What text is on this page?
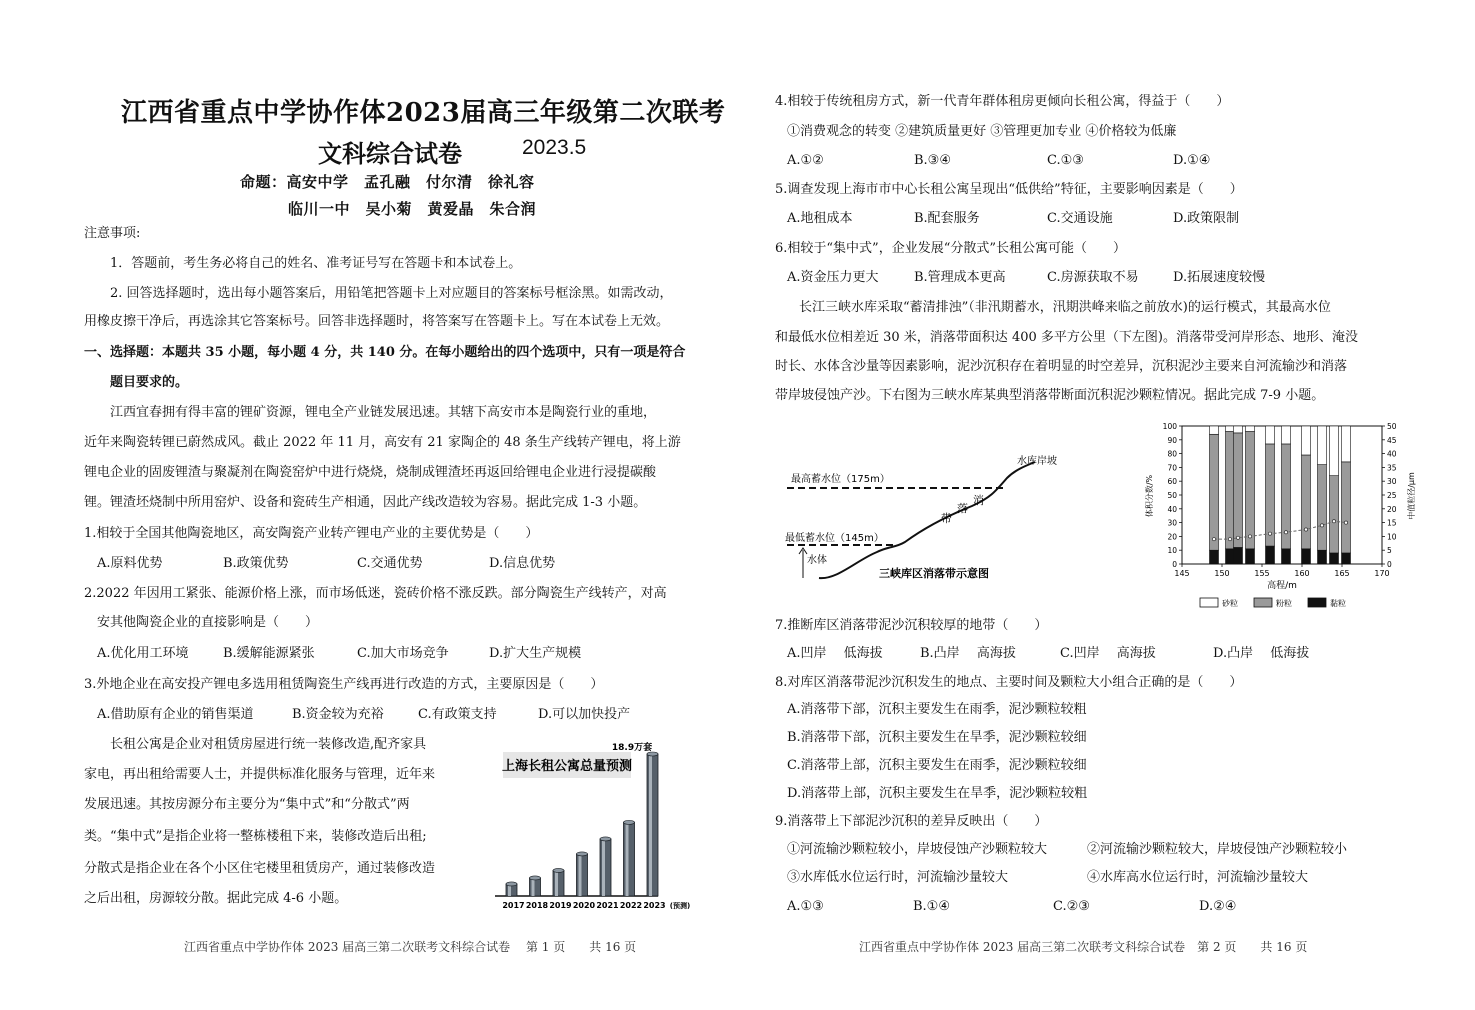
江西省重点中学协作体2023届高三年级第二次联考
文科综合试卷	2023.5
命题：高安中学　孟孔融　付尔清　徐礼容
临川一中　吴小菊　黄爱晶　朱合润
注意事项:
1．答题前，考生务必将自己的姓名、准考证号写在答题卡和本试卷上。
2. 回答选择题时，选出每小题答案后，用铅笔把答题卡上对应题目的答案标号框涂黑。如需改动，
用橡皮擦干净后，再选涂其它答案标号。回答非选择题时，将答案写在答题卡上。写在本试卷上无效。
一、选择题：本题共 35 小题，每小题 4 分，共 140 分。在每小题给出的四个选项中，只有一项是符合
题目要求的。
江西宜春拥有得丰富的锂矿资源，锂电全产业链发展迅速。其辖下高安市本是陶瓷行业的重地，
近年来陶瓷转锂已蔚然成风。截止 2022 年 11 月，高安有 21 家陶企的 48 条生产线转产锂电，将上游
锂电企业的固废锂渣与聚凝剂在陶瓷窑炉中进行烧烧，烧制成锂渣坯再返回给锂电企业进行浸提碳酸
锂。锂渣坯烧制中所用窑炉、设备和瓷砖生产相通，因此产线改造较为容易。据此完成 1-3 小题。
1.相较于全国其他陶瓷地区，高安陶瓷产业转产锂电产业的主要优势是（　　）
A.原料优势	B.政策优势	C.交通优势	D.信息优势
2.2022 年因用工紧张、能源价格上涨，而市场低迷，瓷砖价格不涨反跌。部分陶瓷生产线转产，对高
安其他陶瓷企业的直接影响是（　　）
A.优化用工环境	B.缓解能源紧张	C.加大市场竞争	D.扩大生产规模
3.外地企业在高安投产锂电多选用租赁陶瓷生产线再进行改造的方式，主要原因是（　　）
A.借助原有企业的销售渠道	B.资金较为充裕	C.有政策支持	D.可以加快投产
长租公寓是企业对租赁房屋进行统一装修改造,配齐家具
家电，再出租给需要人士，并提供标准化服务与管理，近年来
发展迅速。其按房源分布主要分为“集中式”和“分散式”两
类。“集中式”是指企业将一整栋楼租下来，装修改造后出租;
分散式是指企业在各个小区住宅楼里租赁房产，通过装修改造
之后出租，房源较分散。据此完成 4-6 小题。
上海长租公寓总量预测
2017 2018 2019 2020 2021 2022 2023
18.9万套
(预测)
江西省重点中学协作体 2023 届高三第二次联考文科综合试卷　 第 1 页　　共 16 页
4.相较于传统租房方式，新一代青年群体租房更倾向长租公寓，得益于（　　）
①消费观念的转变 ②建筑质量更好 ③管理更加专业 ④价格较为低廉
A.①②	B.③④	C.①③	D.①④
5.调查发现上海市市中心长租公寓呈现出“低供给”特征，主要影响因素是（　　）
A.地租成本	B.配套服务	C.交通设施	D.政策限制
6.相较于“集中式”，企业发展“分散式”长租公寓可能（　　）
A.资金压力更大	B.管理成本更高	C.房源获取不易	D.拓展速度较慢
长江三峡水库采取“蓄清排浊”（非汛期蓄水，汛期洪峰来临之前放水)的运行模式，其最高水位
和最低水位相差近 30 米，消落带面积达 400 多平方公里（下左图)。消落带受河岸形态、地形、淹没
时长、水体含沙量等因素影响，泥沙沉积存在着明显的时空差异，沉积泥沙主要来自河流输沙和消落
带岸坡侵蚀产沙。下右图为三峡水库某典型消落带断面沉积泥沙颗粒情况。据此完成 7-9 小题。
最高蓄水位（175m）
最低蓄水位（145m）
水体
水库岸坡
消
落
带
三峡库区消落带示意图
0
10
20
30
40
50
60
70
80
90
100
0
5
10
15
20
25
30
35
40
45
50
145	150	155	160	165	170
体积分数/%	中值粒径/μm
高程/m
砂粒	粉粒	黏粒
7.推断库区消落带泥沙沉积较厚的地带（　　）
A.凹岸　 低海拔	B.凸岸　 高海拔	C.凹岸　 高海拔	D.凸岸　 低海拔
8.对库区消落带泥沙沉积发生的地点、主要时间及颗粒大小组合正确的是（　　）
A.消落带下部，沉积主要发生在雨季，泥沙颗粒较粗
B.消落带下部，沉积主要发生在旱季，泥沙颗粒较细
C.消落带上部，沉积主要发生在雨季，泥沙颗粒较细
D.消落带上部，沉积主要发生在旱季，泥沙颗粒较粗
9.消落带上下部泥沙沉积的差异反映出（　　）
①河流输沙颗粒较小，岸坡侵蚀产沙颗粒较大	②河流输沙颗粒较大，岸坡侵蚀产沙颗粒较小
③水库低水位运行时，河流输沙量较大	④水库高水位运行时，河流输沙量较大
A.①③	B.①④	C.②③	D.②④
江西省重点中学协作体 2023 届高三第二次联考文科综合试卷　第 2 页　　共 16 页
